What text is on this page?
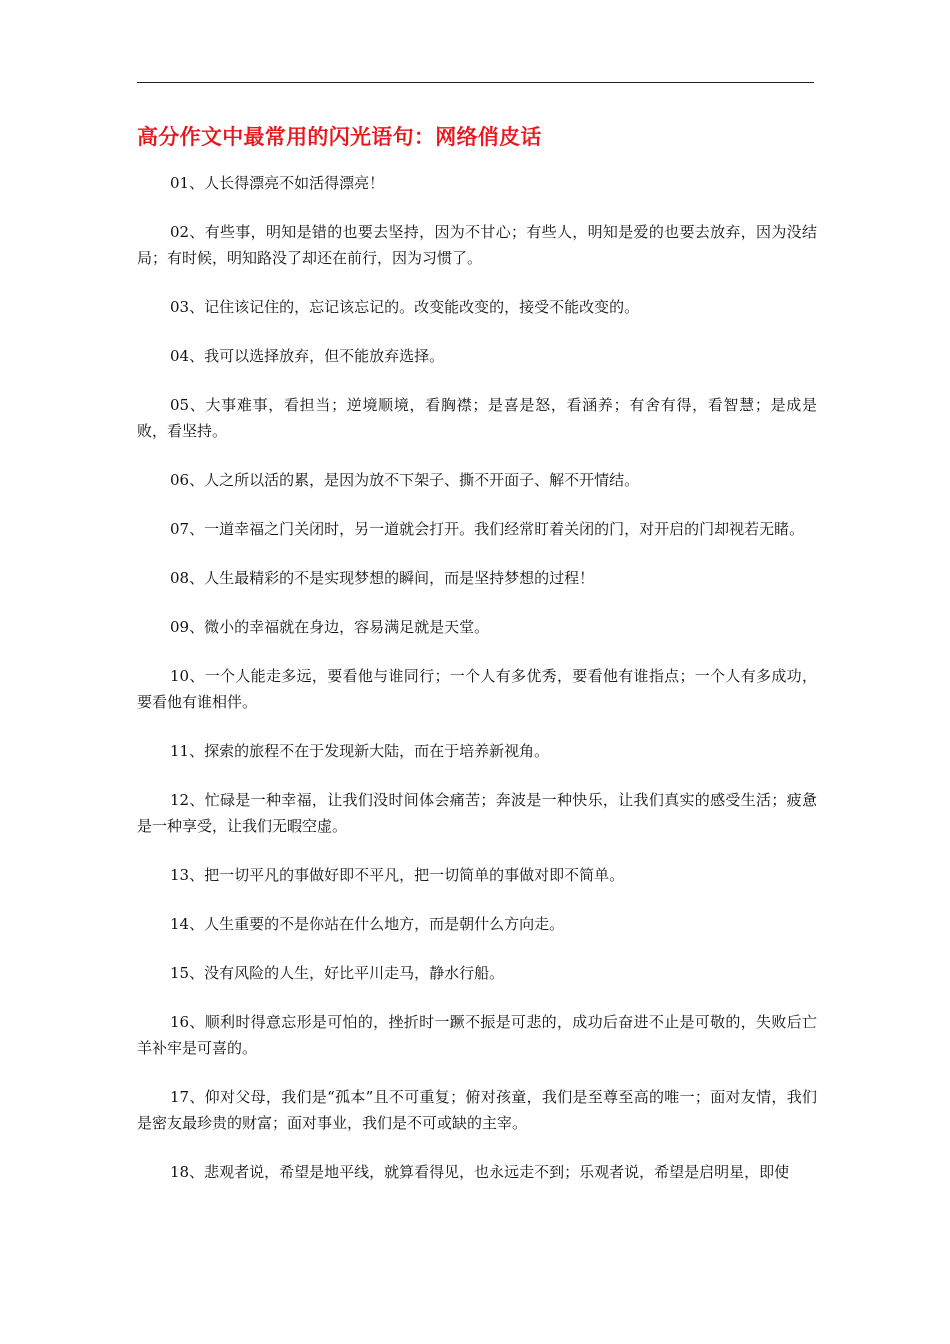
高分作文中最常用的闪光语句：网络俏皮话
01、人长得漂亮不如活得漂亮！
02、有些事，明知是错的也要去坚持，因为不甘心；有些人，明知是爱的也要去放弃，因为没结局；有时候，明知路没了却还在前行，因为习惯了。
03、记住该记住的，忘记该忘记的。改变能改变的，接受不能改变的。
04、我可以选择放弃，但不能放弃选择。
05、大事难事，看担当；逆境顺境，看胸襟；是喜是怒，看涵养；有舍有得，看智慧；是成是败，看坚持。
06、人之所以活的累，是因为放不下架子、撕不开面子、解不开情结。
07、一道幸福之门关闭时，另一道就会打开。我们经常盯着关闭的门，对开启的门却视若无睹。
08、人生最精彩的不是实现梦想的瞬间，而是坚持梦想的过程！
09、微小的幸福就在身边，容易满足就是天堂。
10、一个人能走多远，要看他与谁同行；一个人有多优秀，要看他有谁指点；一个人有多成功，要看他有谁相伴。
11、探索的旅程不在于发现新大陆，而在于培养新视角。
12、忙碌是一种幸福，让我们没时间体会痛苦；奔波是一种快乐，让我们真实的感受生活；疲惫是一种享受，让我们无暇空虚。
13、把一切平凡的事做好即不平凡，把一切简单的事做对即不简单。
14、人生重要的不是你站在什么地方，而是朝什么方向走。
15、没有风险的人生，好比平川走马，静水行船。
16、顺利时得意忘形是可怕的，挫折时一蹶不振是可悲的，成功后奋进不止是可敬的，失败后亡羊补牢是可喜的。
17、仰对父母，我们是“孤本”且不可重复；俯对孩童，我们是至尊至高的唯一；面对友情，我们是密友最珍贵的财富；面对事业，我们是不可或缺的主宰。
18、悲观者说，希望是地平线，就算看得见，也永远走不到；乐观者说，希望是启明星，即使
